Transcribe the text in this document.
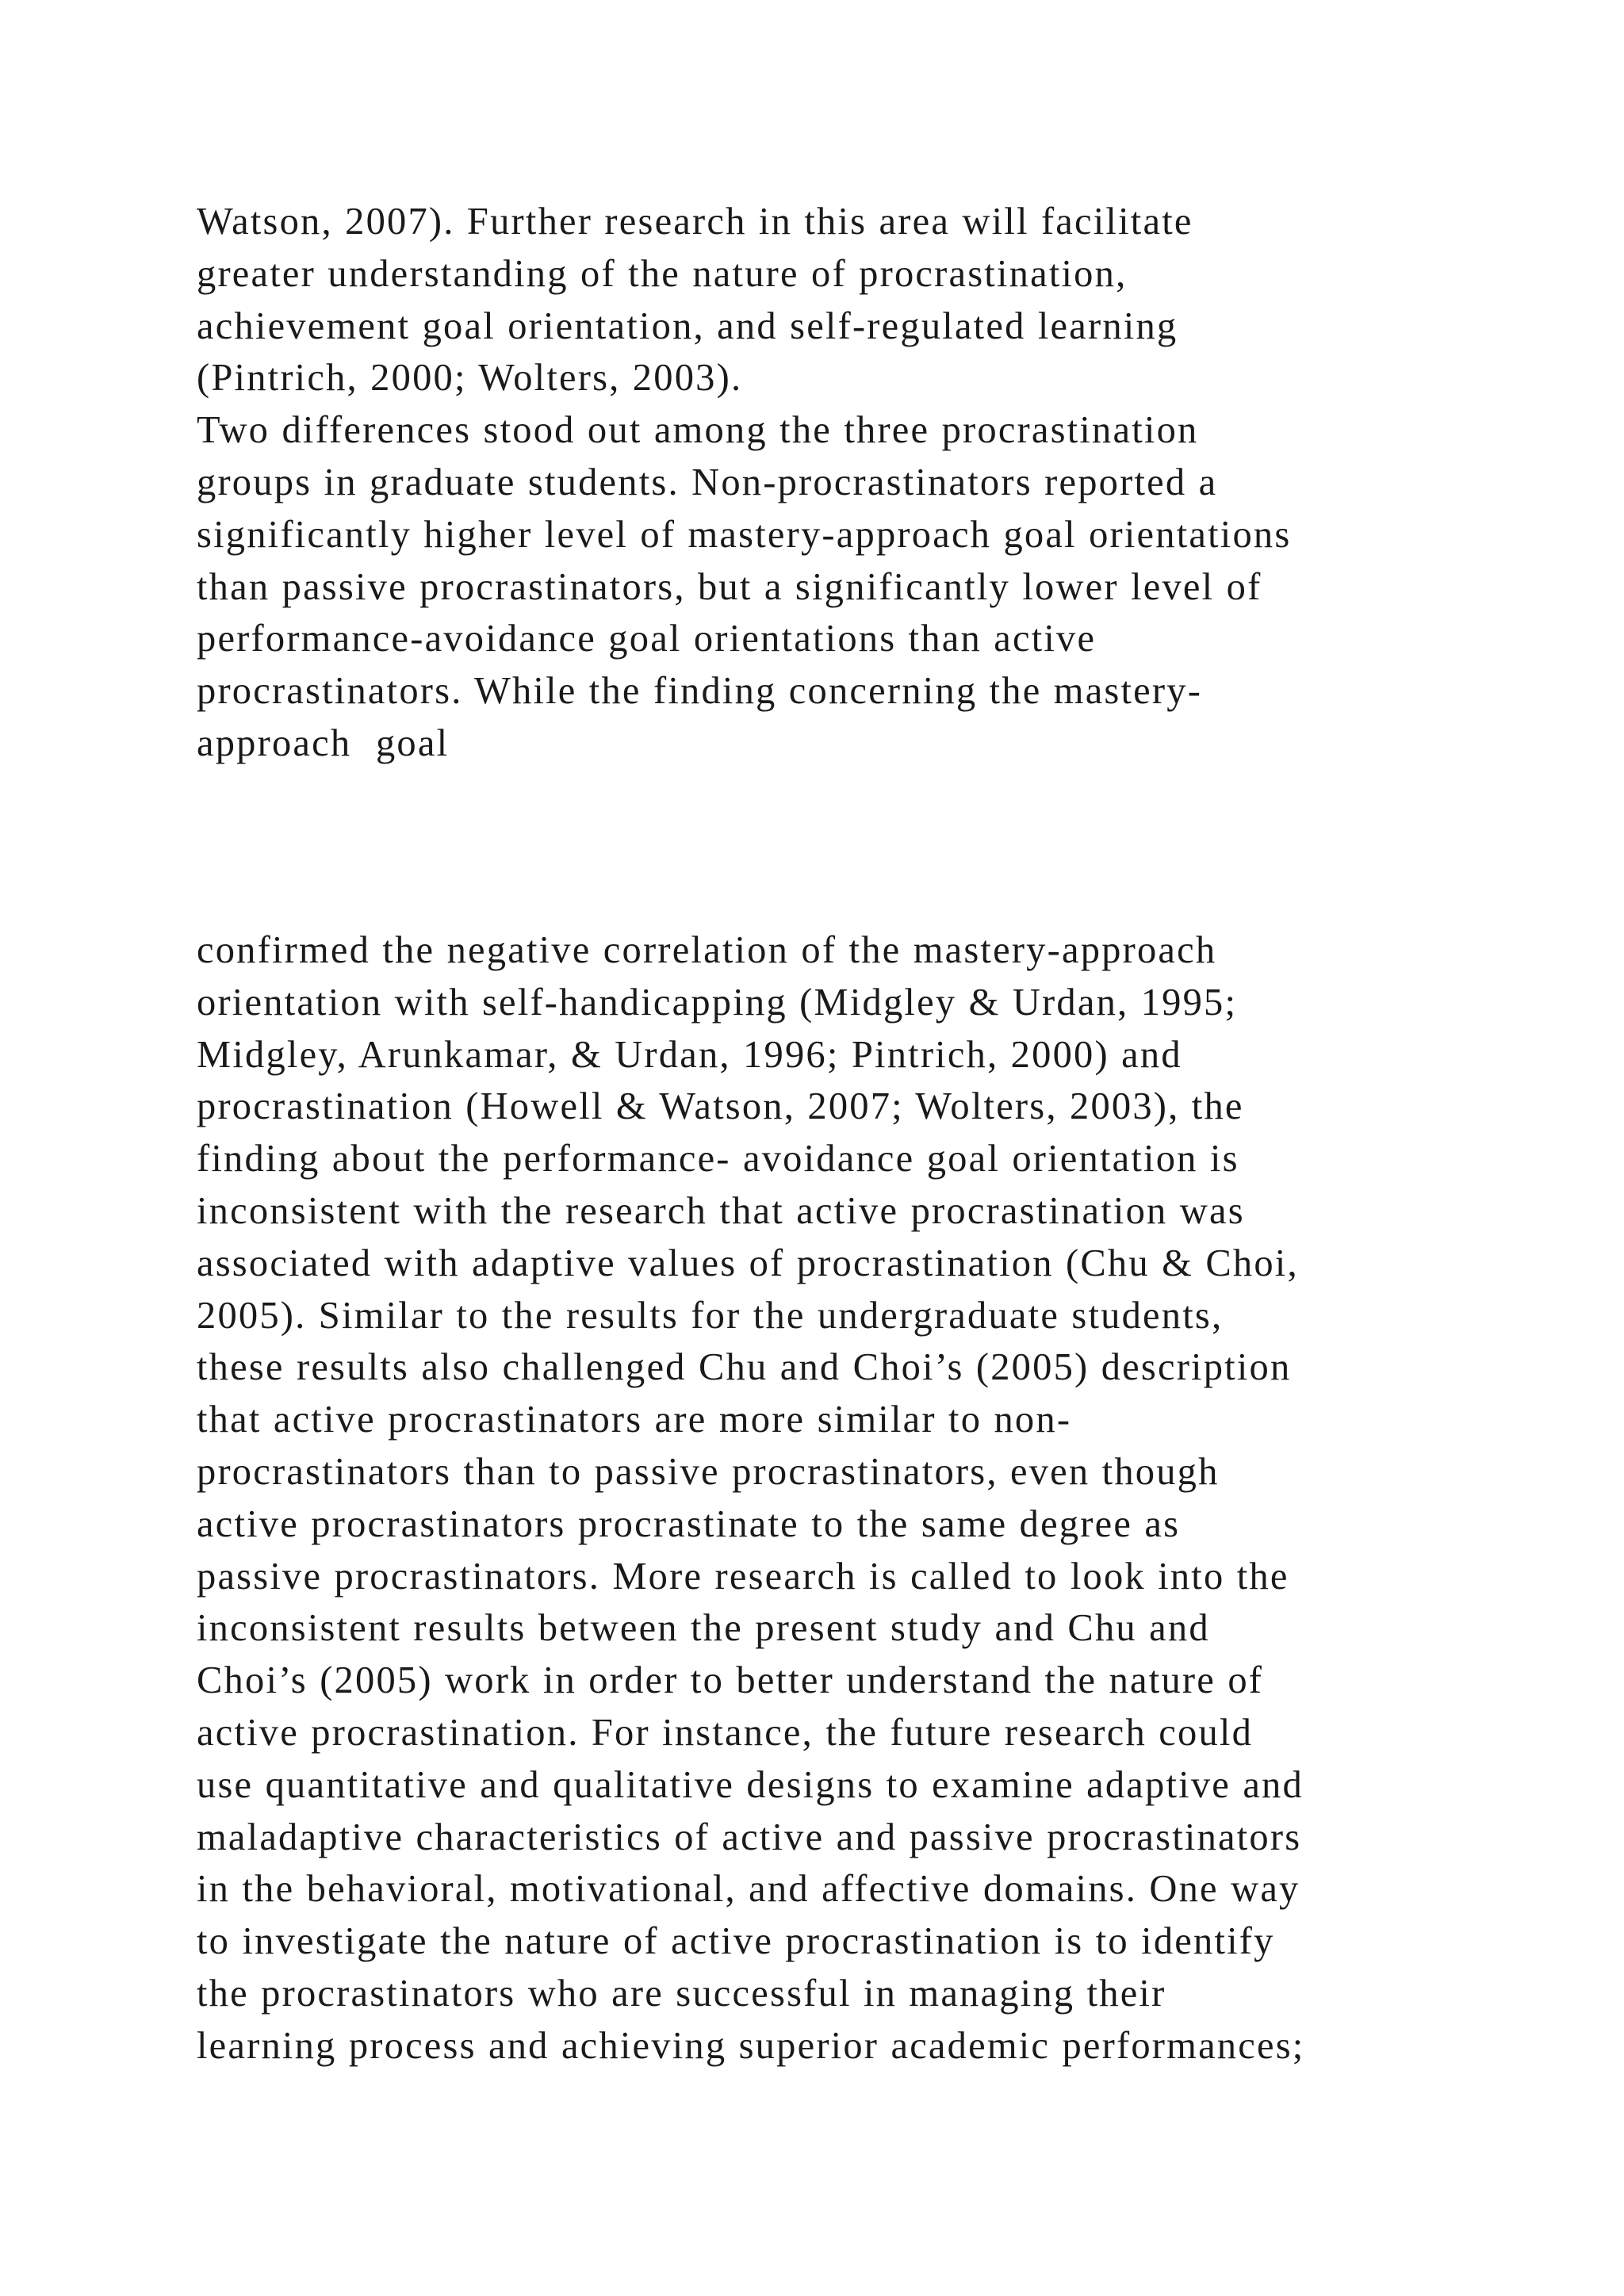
Watson, 2007). Further research in this area will facilitate
greater understanding of the nature of procrastination,
achievement goal orientation, and self-regulated learning
(Pintrich, 2000; Wolters, 2003).
Two differences stood out among the three procrastination
groups in graduate students. Non-procrastinators reported a
significantly higher level of mastery-approach goal orientations
than passive procrastinators, but a significantly lower level of
performance-avoidance goal orientations than active
procrastinators. While the finding concerning the mastery-
approach  goal
confirmed the negative correlation of the mastery-approach
orientation with self-handicapping (Midgley & Urdan, 1995;
Midgley, Arunkamar, & Urdan, 1996; Pintrich, 2000) and
procrastination (Howell & Watson, 2007; Wolters, 2003), the
finding about the performance- avoidance goal orientation is
inconsistent with the research that active procrastination was
associated with adaptive values of procrastination (Chu & Choi,
2005). Similar to the results for the undergraduate students,
these results also challenged Chu and Choi’s (2005) description
that active procrastinators are more similar to non-
procrastinators than to passive procrastinators, even though
active procrastinators procrastinate to the same degree as
passive procrastinators. More research is called to look into the
inconsistent results between the present study and Chu and
Choi’s (2005) work in order to better understand the nature of
active procrastination. For instance, the future research could
use quantitative and qualitative designs to examine adaptive and
maladaptive characteristics of active and passive procrastinators
in the behavioral, motivational, and affective domains. One way
to investigate the nature of active procrastination is to identify
the procrastinators who are successful in managing their
learning process and achieving superior academic performances;
